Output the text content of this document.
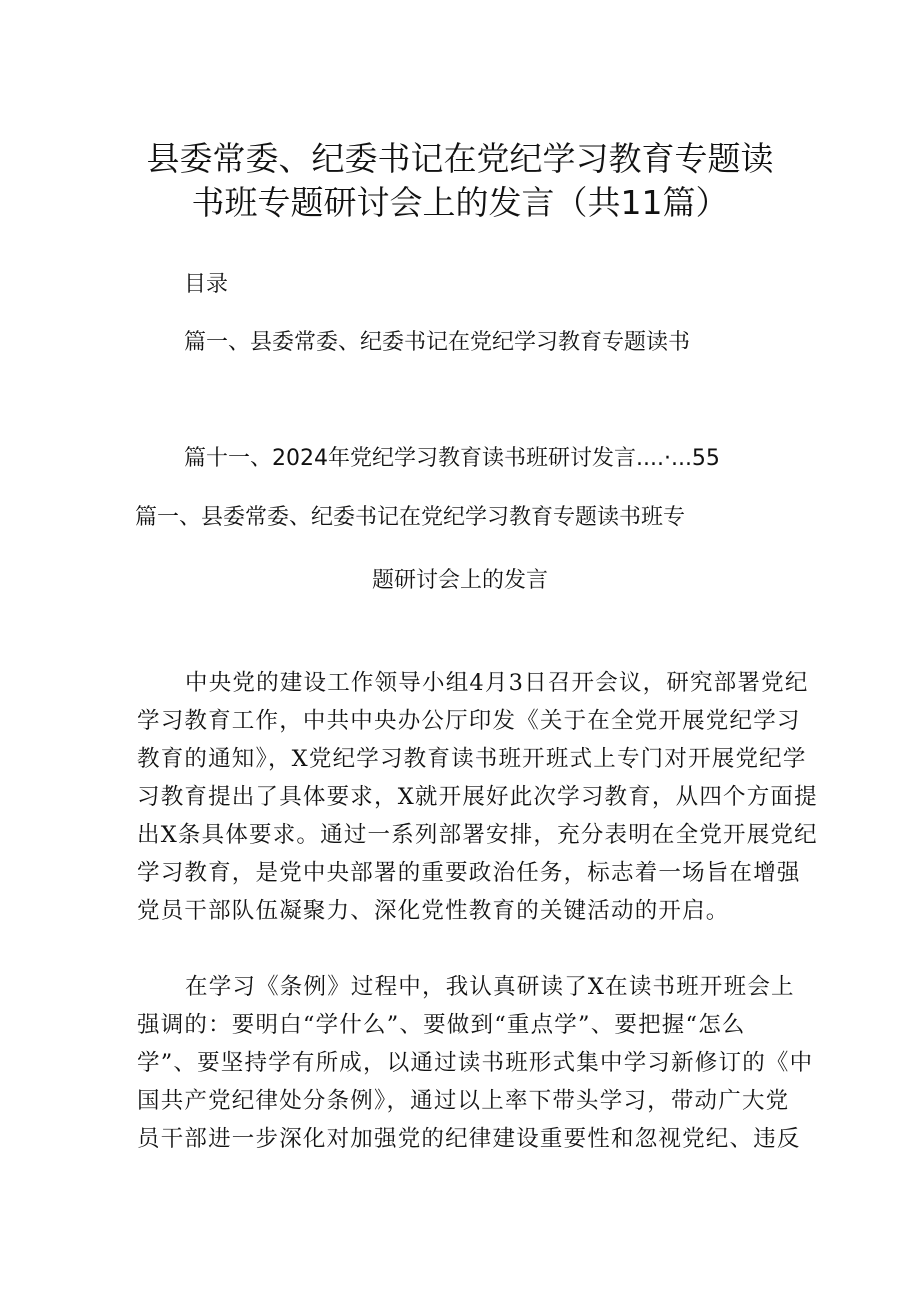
县委常委、纪委书记在党纪学习教育专题读
书班专题研讨会上的发言（共11篇）
目录
篇一、县委常委、纪委书记在党纪学习教育专题读书
篇十一、2024年党纪学习教育读书班研讨发言....·...55
篇一、县委常委、纪委书记在党纪学习教育专题读书班专
题研讨会上的发言
中央党的建设工作领导小组4月3日召开会议，研究部署党纪
学习教育工作，中共中央办公厅印发《关于在全党开展党纪学习
教育的通知》，X党纪学习教育读书班开班式上专门对开展党纪学
习教育提出了具体要求，X就开展好此次学习教育，从四个方面提
出X条具体要求。通过一系列部署安排，充分表明在全党开展党纪
学习教育，是党中央部署的重要政治任务，标志着一场旨在增强
党员干部队伍凝聚力、深化党性教育的关键活动的开启。
在学习《条例》过程中，我认真研读了X在读书班开班会上
强调的：要明白“学什么”、要做到“重点学”、要把握“怎么
学”、要坚持学有所成，以通过读书班形式集中学习新修订的《中
国共产党纪律处分条例》，通过以上率下带头学习，带动广大党
员干部进一步深化对加强党的纪律建设重要性和忽视党纪、违反
